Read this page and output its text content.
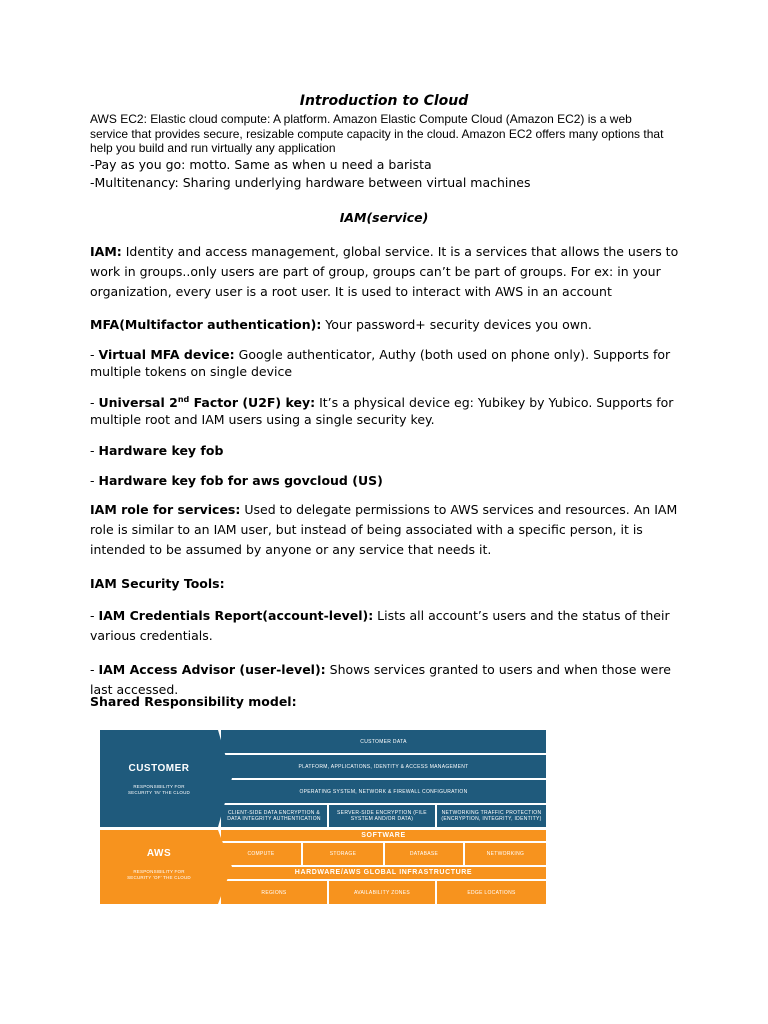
Introduction to Cloud
AWS EC2: Elastic cloud compute: A platform. Amazon Elastic Compute Cloud (Amazon EC2) is a web
service that provides secure, resizable compute capacity in the cloud. Amazon EC2 offers many options that
help you build and run virtually any application
-Pay as you go: motto. Same as when u need a barista
-Multitenancy: Sharing underlying hardware between virtual machines
IAM(service)
IAM: Identity and access management, global service. It is a services that allows the users to work in groups..only users are part of group, groups can’t be part of groups. For ex: in your organization, every user is a root user. It is used to interact with AWS in an account
MFA(Multifactor authentication): Your password+ security devices you own.
- Virtual MFA device: Google authenticator, Authy (both used on phone only). Supports for multiple tokens on single device
- Universal 2nd Factor (U2F) key: It’s a physical device eg: Yubikey by Yubico. Supports for multiple root and IAM users using a single security key.
- Hardware key fob
- Hardware key fob for aws govcloud (US)
IAM role for services: Used to delegate permissions to AWS services and resources. An IAM role is similar to an IAM user, but instead of being associated with a specific person, it is intended to be assumed by anyone or any service that needs it.
IAM Security Tools:
- IAM Credentials Report(account-level): Lists all account’s users and the status of their various credentials.
- IAM Access Advisor (user-level): Shows services granted to users and when those were last accessed.
Shared Responsibility model:
CUSTOMER
RESPONSIBILITY FOR SECURITY ‘IN’ THE CLOUD
AWS
RESPONSIBILITY FOR SECURITY ‘OF’ THE CLOUD
CUSTOMER DATA
PLATFORM, APPLICATIONS, IDENTITY & ACCESS MANAGEMENT
OPERATING SYSTEM, NETWORK & FIREWALL CONFIGURATION
CLIENT-SIDE DATA ENCRYPTION & DATA INTEGRITY AUTHENTICATION
SERVER-SIDE ENCRYPTION (FILE SYSTEM AND/OR DATA)
NETWORKING TRAFFIC PROTECTION (ENCRYPTION, INTEGRITY, IDENTITY)
SOFTWARE
COMPUTE	STORAGE	DATABASE	NETWORKING
HARDWARE/AWS GLOBAL INFRASTRUCTURE
REGIONS	AVAILABILITY ZONES	EDGE LOCATIONS
